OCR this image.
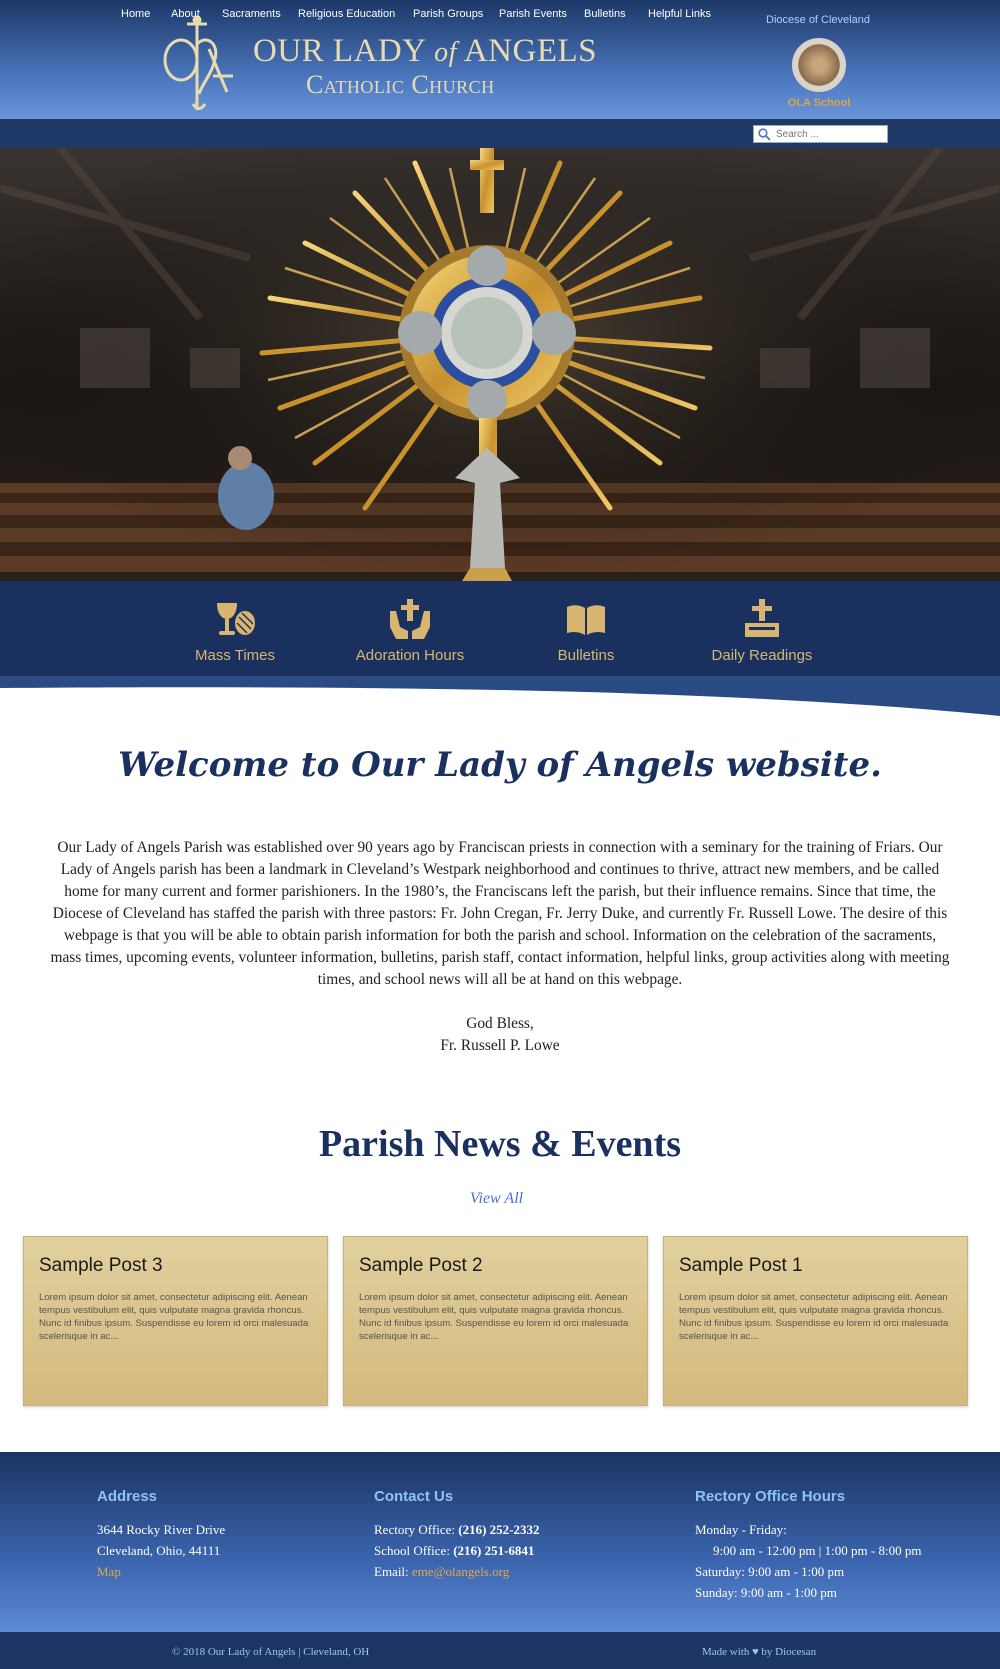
OUR LADY of ANGELS
Catholic Church
Diocese of Cleveland
OLA School
Home About Sacraments Religious Education Parish Groups Parish Events Bulletins Helpful Links
Search ...
Mass Times	Adoration Hours	Bulletins	Daily Readings
Welcome to Our Lady of Angels website.

Our Lady of Angels Parish was established over 90 years ago by Franciscan priests in connection with a seminary for the training of Friars. Our Lady of Angels parish has been a landmark in Cleveland’s Westpark neighborhood and continues to thrive, attract new members, and be called home for many current and former parishioners. In the 1980’s, the Franciscans left the parish, but their influence remains. Since that time, the Diocese of Cleveland has staffed the parish with three pastors: Fr. John Cregan, Fr. Jerry Duke, and currently Fr. Russell Lowe. The desire of this webpage is that you will be able to obtain parish information for both the parish and school. Information on the celebration of the sacraments, mass times, upcoming events, volunteer information, bulletins, parish staff, contact information, helpful links, group activities along with meeting times, and school news will all be at hand on this webpage.

God Bless,
Fr. Russell P. Lowe
Parish News & Events
View All
Sample Post 3
Lorem ipsum dolor sit amet, consectetur adipiscing elit. Aenean tempus vestibulum elit, quis vulputate magna gravida rhoncus. Nunc id finibus ipsum. Suspendisse eu lorem id orci malesuada scelerisque in ac...
Sample Post 2
Lorem ipsum dolor sit amet, consectetur adipiscing elit. Aenean tempus vestibulum elit, quis vulputate magna gravida rhoncus. Nunc id finibus ipsum. Suspendisse eu lorem id orci malesuada scelerisque in ac...
Sample Post 1
Lorem ipsum dolor sit amet, consectetur adipiscing elit. Aenean tempus vestibulum elit, quis vulputate magna gravida rhoncus. Nunc id finibus ipsum. Suspendisse eu lorem id orci malesuada scelerisque in ac...
Address
3644 Rocky River Drive
Cleveland, Ohio, 44111
Map
Contact Us
Rectory Office: (216) 252-2332
School Office: (216) 251-6841
Email: eme@olangels.org
Rectory Office Hours
Monday - Friday:
9:00 am - 12:00 pm | 1:00 pm - 8:00 pm
Saturday: 9:00 am - 1:00 pm
Sunday: 9:00 am - 1:00 pm
© 2018 Our Lady of Angels | Cleveland, OH	Made with ♥ by Diocesan
